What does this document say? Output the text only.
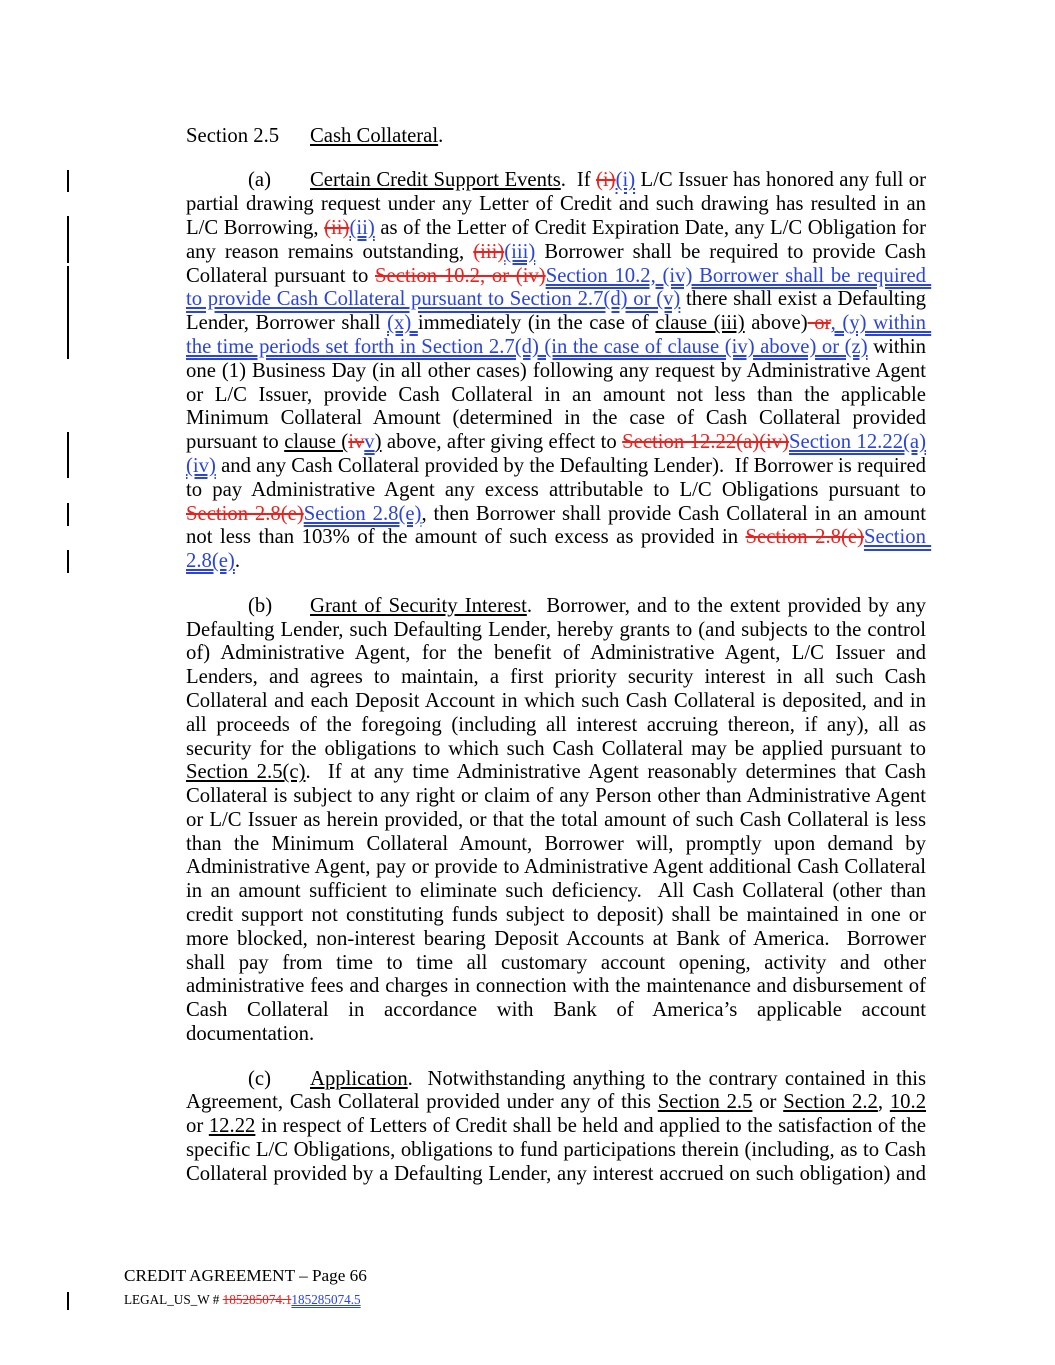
Section 2.5 Cash Collateral.

(a) Certain Credit Support Events.  If (i)(i) L/C Issuer has honored any full or partial drawing request under any Letter of Credit and such drawing has resulted in an L/C Borrowing, (ii)(ii) as of the Letter of Credit Expiration Date, any L/C Obligation for any reason remains outstanding, (iii)(iii) Borrower shall be required to provide Cash Collateral pursuant to Section 10.2, or (iv)Section 10.2, (iv) Borrower shall be required to provide Cash Collateral pursuant to Section 2.7(d) or (v) there shall exist a Defaulting Lender, Borrower shall (x) immediately (in the case of clause (iii) above) or, (y) within the time periods set forth in Section 2.7(d) (in the case of clause (iv) above) or (z) within one (1) Business Day (in all other cases) following any request by Administrative Agent or L/C Issuer, provide Cash Collateral in an amount not less than the applicable Minimum Collateral Amount (determined in the case of Cash Collateral provided pursuant to clause (ivv) above, after giving effect to Section 12.22(a)(iv)Section 12.22(a)(iv) and any Cash Collateral provided by the Defaulting Lender).  If Borrower is required to pay Administrative Agent any excess attributable to L/C Obligations pursuant to Section 2.8(e)Section 2.8(e), then Borrower shall provide Cash Collateral in an amount not less than 103% of the amount of such excess as provided in Section 2.8(e)Section 2.8(e).

(b) Grant of Security Interest.  Borrower, and to the extent provided by any Defaulting Lender, such Defaulting Lender, hereby grants to (and subjects to the control of) Administrative Agent, for the benefit of Administrative Agent, L/C Issuer and Lenders, and agrees to maintain, a first priority security interest in all such Cash Collateral and each Deposit Account in which such Cash Collateral is deposited, and in all proceeds of the foregoing (including all interest accruing thereon, if any), all as security for the obligations to which such Cash Collateral may be applied pursuant to Section 2.5(c).  If at any time Administrative Agent reasonably determines that Cash Collateral is subject to any right or claim of any Person other than Administrative Agent or L/C Issuer as herein provided, or that the total amount of such Cash Collateral is less than the Minimum Collateral Amount, Borrower will, promptly upon demand by Administrative Agent, pay or provide to Administrative Agent additional Cash Collateral in an amount sufficient to eliminate such deficiency.  All Cash Collateral (other than credit support not constituting funds subject to deposit) shall be maintained in one or more blocked, non-interest bearing Deposit Accounts at Bank of America.  Borrower shall pay from time to time all customary account opening, activity and other administrative fees and charges in connection with the maintenance and disbursement of Cash Collateral in accordance with Bank of America’s applicable account documentation.

(c) Application.  Notwithstanding anything to the contrary contained in this Agreement, Cash Collateral provided under any of this Section 2.5 or Section 2.2, 10.2 or 12.22 in respect of Letters of Credit shall be held and applied to the satisfaction of the specific L/C Obligations, obligations to fund participations therein (including, as to Cash Collateral provided by a Defaulting Lender, any interest accrued on such obligation) and

CREDIT AGREEMENT – Page 66
LEGAL_US_W # 185285074.1185285074.5
